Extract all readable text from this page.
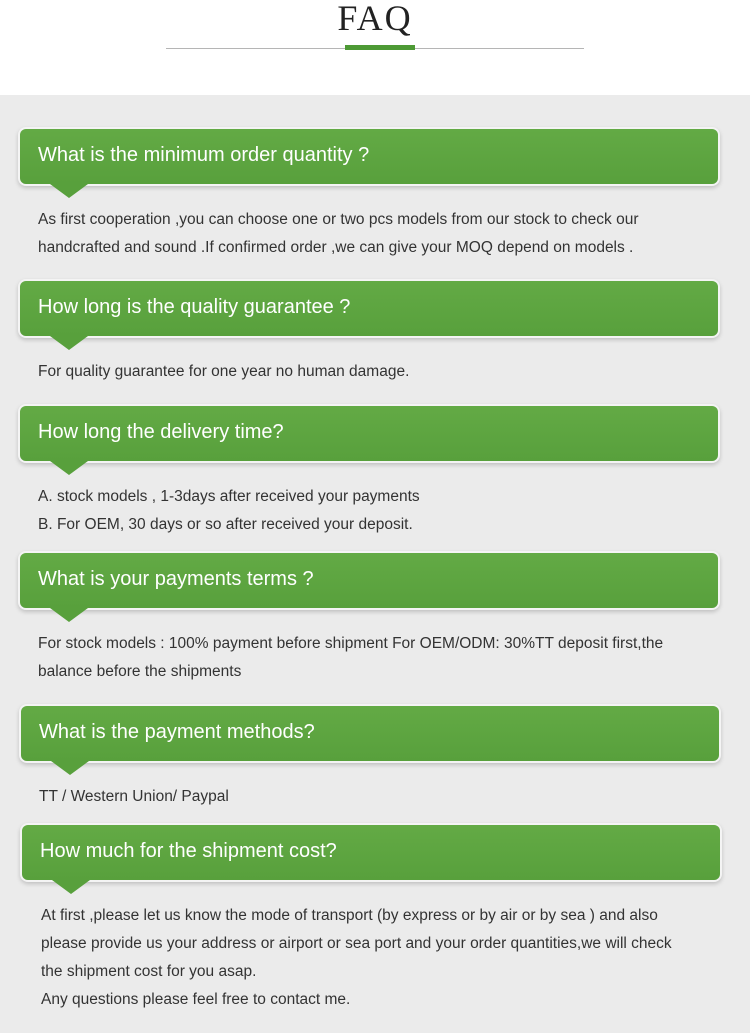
FAQ
What is the minimum order quantity ?
As first cooperation ,you can choose one or two pcs models from our stock to check our
handcrafted and sound .If confirmed order ,we can give your MOQ depend on models .
How long is the quality guarantee ?
For quality guarantee for one year no human damage.
How long the delivery time?
A. stock models , 1-3days after received your payments
B. For OEM, 30 days or so after received your deposit.
What is your payments terms ?
For stock models : 100% payment before shipment For OEM/ODM: 30%TT deposit first,the
balance before the shipments
What is the payment methods?
TT / Western Union/ Paypal
How much for the shipment cost?
At first ,please let us know the mode of transport (by express or by air or by sea ) and also
please provide us your address or airport or sea port and your order quantities,we will check
the shipment cost for you asap.
Any questions please feel free to contact me.
